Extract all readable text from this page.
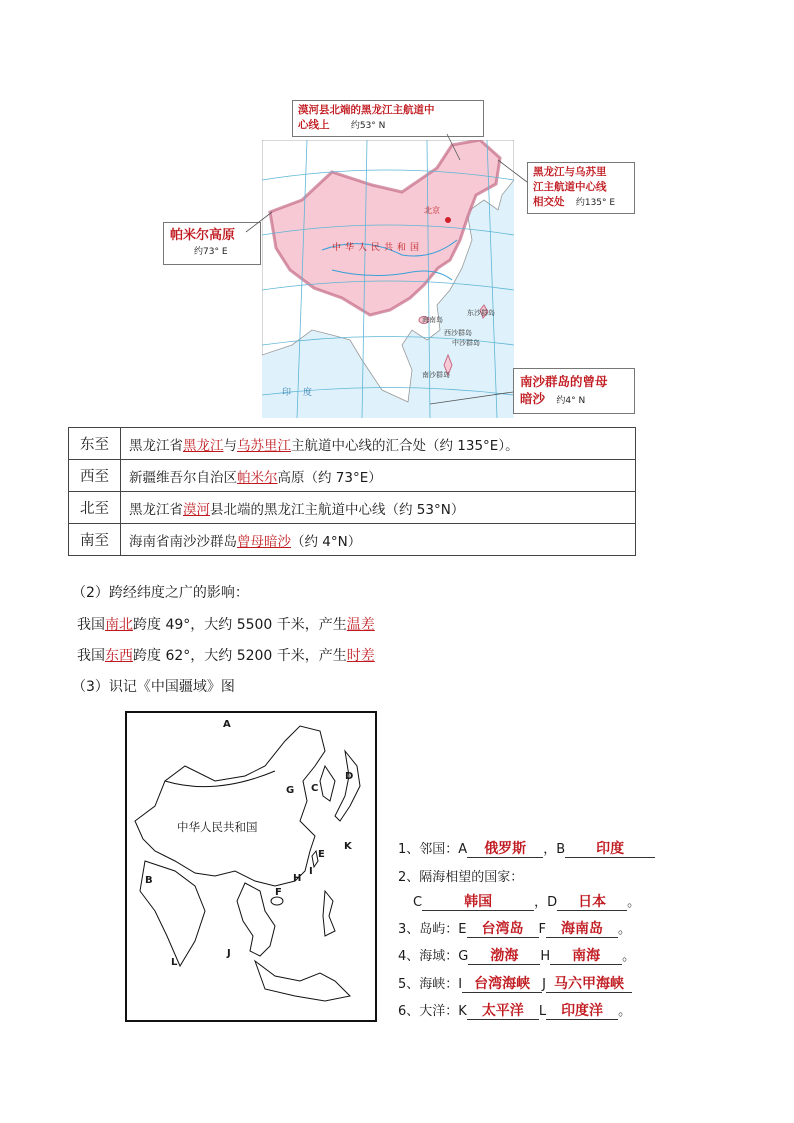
北京
中华人民共和国
海南岛
西沙群岛
中沙群岛
东沙群岛
南沙群岛
印度
漠河县北端的黑龙江主航道中
心线上 约53° N
黑龙江与乌苏里
江主航道中心线
相交处 约135° E
帕米尔高原
约73° E
南沙群岛的曾母
暗沙 约4° N
东至	黑龙江省黑龙江与乌苏里江主航道中心线的汇合处（约 135°E）。
西至	新疆维吾尔自治区帕米尔高原（约 73°E）
北至	黑龙江省漠河县北端的黑龙江主航道中心线（约 53°N）
南至	海南省南沙沙群岛曾母暗沙（约 4°N）
（2）跨经纬度之广的影响：
我国南北跨度 49°，大约 5500 千米，产生温差
我国东西跨度 62°，大约 5200 千米，产生时差
（3）识记《中国疆域》图
中华人民共和国
A
B
C
D
E
F
G
H
I
J
K
L
1、邻国：A 俄罗斯 ，B 印度
2、隔海相望的国家：
C	韩国	，D 日本 。
3、岛屿：E 台湾岛 F 海南岛 。
4、海域：G 渤海 H 南海 。
5、海峡：I 台湾海峡 J 马六甲海峡
6、大洋：K 太平洋 L 印度洋 。
